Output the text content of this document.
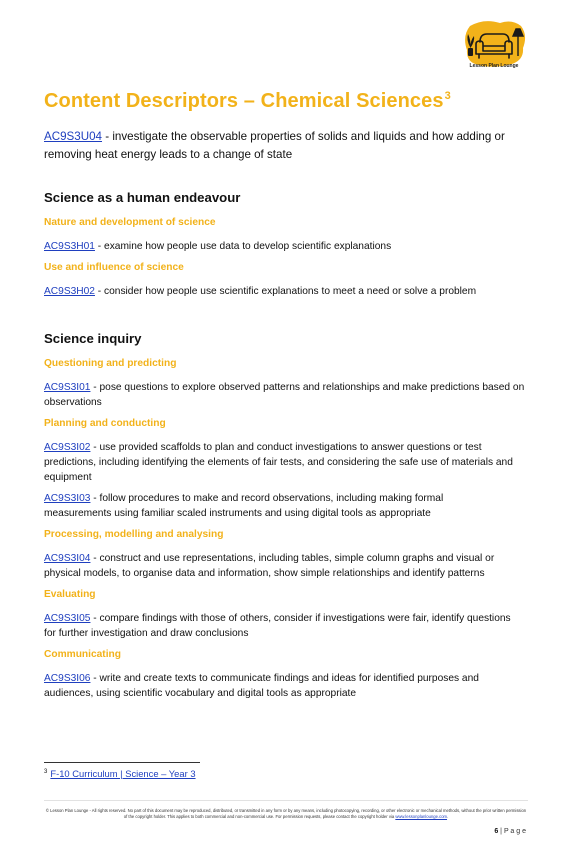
Lesson Plan Lounge
Content Descriptors – Chemical Sciences$^3$
AC9S3U04 - investigate the observable properties of solids and liquids and how adding or removing heat energy leads to a change of state
Science as a human endeavour
Nature and development of science
AC9S3H01 - examine how people use data to develop scientific explanations
Use and influence of science
AC9S3H02 - consider how people use scientific explanations to meet a need or solve a problem
Science inquiry
Questioning and predicting
AC9S3I01 - pose questions to explore observed patterns and relationships and make predictions based on observations
Planning and conducting
AC9S3I02 - use provided scaffolds to plan and conduct investigations to answer questions or test predictions, including identifying the elements of fair tests, and considering the safe use of materials and equipment
AC9S3I03 - follow procedures to make and record observations, including making formal measurements using familiar scaled instruments and using digital tools as appropriate
Processing, modelling and analysing
AC9S3I04 - construct and use representations, including tables, simple column graphs and visual or physical models, to organise data and information, show simple relationships and identify patterns
Evaluating
AC9S3I05 - compare findings with those of others, consider if investigations were fair, identify questions for further investigation and draw conclusions
Communicating
AC9S3I06 - write and create texts to communicate findings and ideas for identified purposes and audiences, using scientific vocabulary and digital tools as appropriate
$^3$ F-10 Curriculum | Science – Year 3
© Lesson Plan Lounge - All rights reserved. No part of this document may be reproduced, distributed, or transmitted in any form or by any means, including photocopying, recording, or other electronic or mechanical methods, without the prior written permission of the copyright holder. This applies to both commercial and non-commercial use. For permission requests, please contact the copyright holder via www.lessonplanlounge.com.
6 | P a g e
